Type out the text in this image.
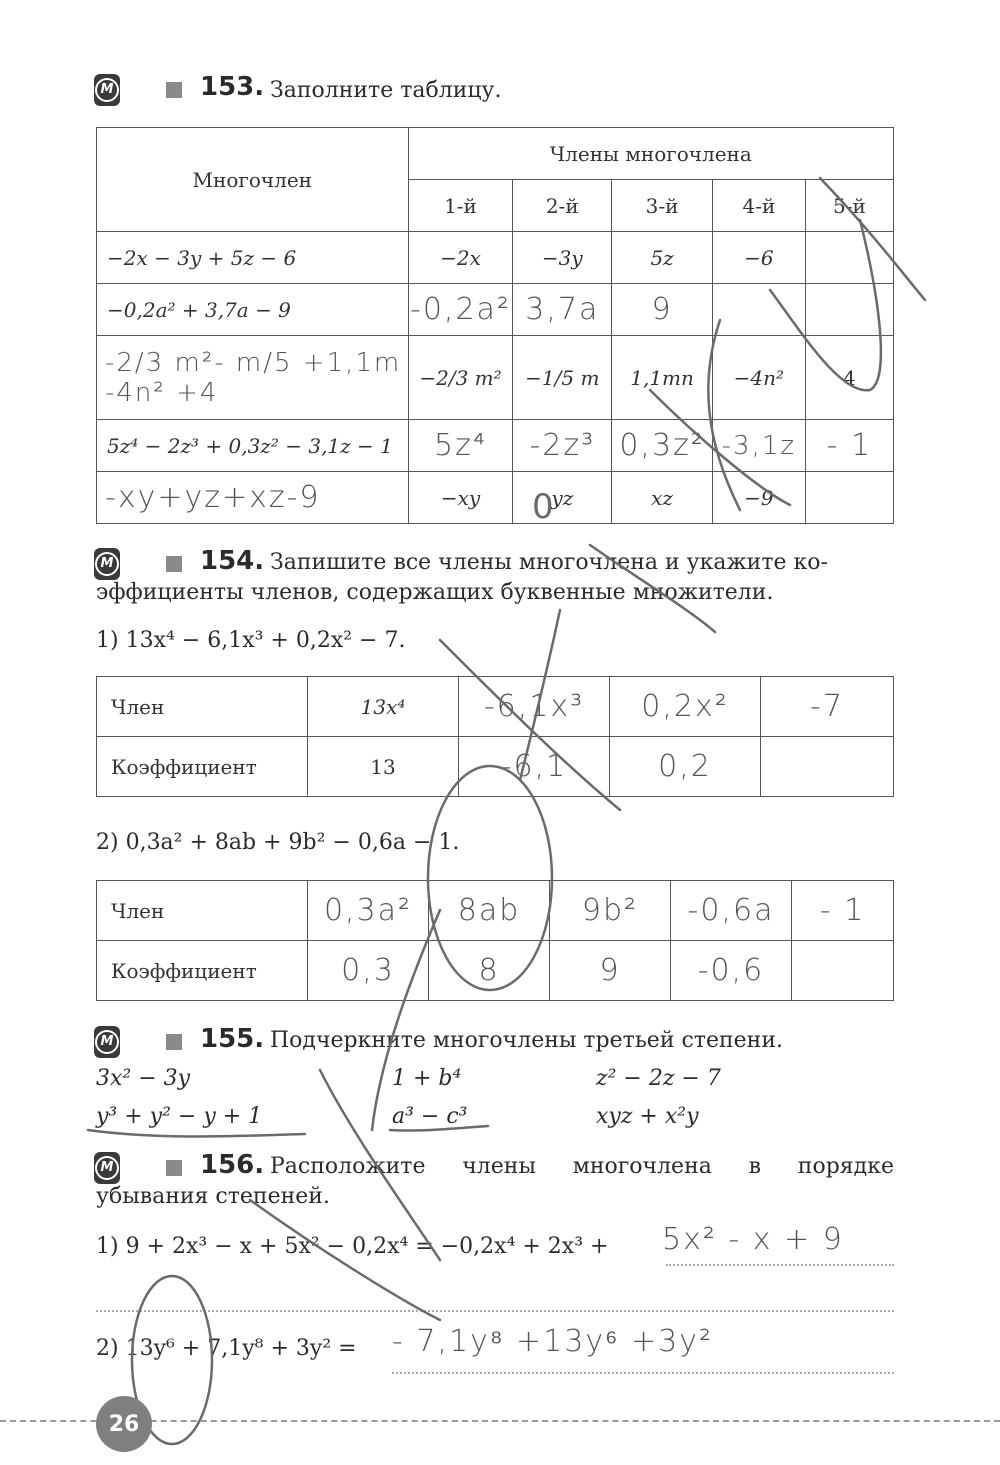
М	153. Заполните таблицу.
Многочлен	Члены многочлена				
	1-й	2-й	3-й	4-й	5-й
−2x − 3y + 5z − 6	−2x	−3y	5z	−6	
−0,2a² + 3,7a − 9	-0,2a²	3,7a	9		
-2/3 m²- m/5 +1,1m -4n² +4	−2/3 m²	−1/5 m	1,1mn	−4n²	4
5z⁴ − 2z³ + 0,3z² − 3,1z − 1	5z⁴	-2z³	0,3z²	-3,1z	- 1
-xy+yz+xz-9	−xy	yz	xz	−9	
М	154. Запишите все члены многочлена и укажите ко-
эффициенты членов, содержащих буквенные множители.
1) 13x⁴ − 6,1x³ + 0,2x² − 7.
Член	13x⁴	-6,1x³	0,2x²	-7
Коэффициент	13	-6,1	0,2	
2) 0,3a² + 8ab + 9b² − 0,6a − 1.
Член	0,3a²	8ab	9b²	-0,6a	- 1
Коэффициент	0,3	8	9	-0,6	
М	155. Подчеркните многочлены третьей степени.
3x² − 3y	1 + b⁴	z² − 2z − 7
y³ + y² − y + 1	a³ − c³	xyz + x²y
М	156. Расположите члены многочлена в порядке
убывания степеней.
1) 9 + 2x³ − x + 5x² − 0,2x⁴ = −0,2x⁴ + 2x³ + 5x² - x + 9
2) 13y⁶ + 7,1y⁸ + 3y² = - 7,1y⁸ +13y⁶ +3y²
0
26
